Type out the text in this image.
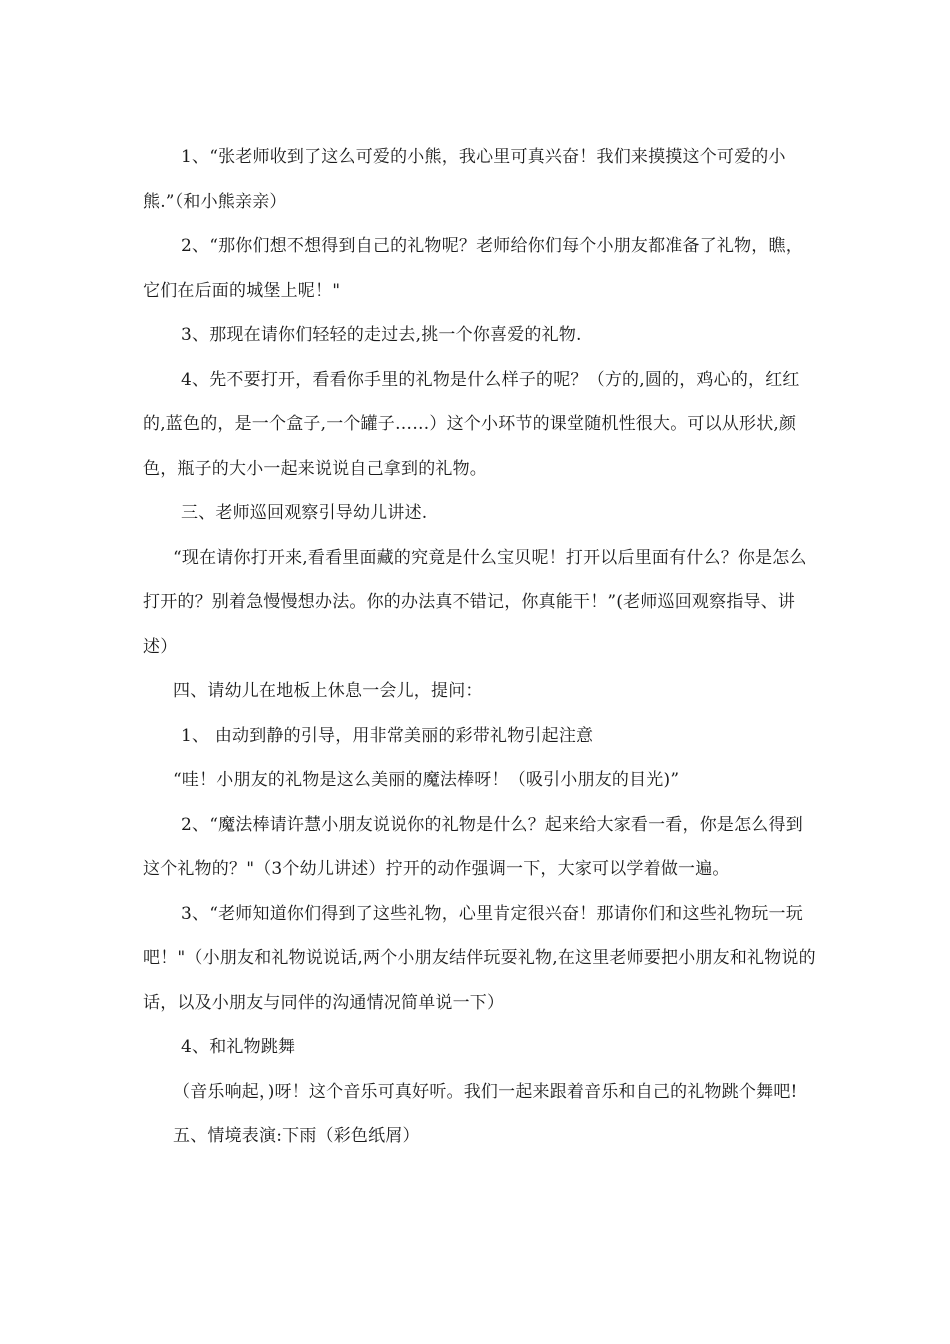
1、“张老师收到了这么可爱的小熊，我心里可真兴奋！我们来摸摸这个可爱的小熊.”（和小熊亲亲）

2、“那你们想不想得到自己的礼物呢？老师给你们每个小朋友都准备了礼物，瞧，它们在后面的城堡上呢！"

3、那现在请你们轻轻的走过去,挑一个你喜爱的礼物.

4、先不要打开，看看你手里的礼物是什么样子的呢？（方的,圆的，鸡心的，红红的,蓝色的，是一个盒子,一个罐子……）这个小环节的课堂随机性很大。可以从形状,颜色，瓶子的大小一起来说说自己拿到的礼物。

三、老师巡回观察引导幼儿讲述.

“现在请你打开来,看看里面藏的究竟是什么宝贝呢！打开以后里面有什么？你是怎么打开的？别着急慢慢想办法。你的办法真不错记，你真能干！”(老师巡回观察指导、讲述）

四、请幼儿在地板上休息一会儿，提问：

1、 由动到静的引导，用非常美丽的彩带礼物引起注意

“哇！小朋友的礼物是这么美丽的魔法棒呀！（吸引小朋友的目光)”

2、“魔法棒请许慧小朋友说说你的礼物是什么？起来给大家看一看，你是怎么得到这个礼物的？"（3个幼儿讲述）拧开的动作强调一下，大家可以学着做一遍。

3、“老师知道你们得到了这些礼物，心里肯定很兴奋！那请你们和这些礼物玩一玩吧！"（小朋友和礼物说说话,两个小朋友结伴玩耍礼物,在这里老师要把小朋友和礼物说的话，以及小朋友与同伴的沟通情况简单说一下）

4、和礼物跳舞

（音乐响起，)呀！这个音乐可真好听。我们一起来跟着音乐和自己的礼物跳个舞吧!

五、情境表演:下雨（彩色纸屑）
